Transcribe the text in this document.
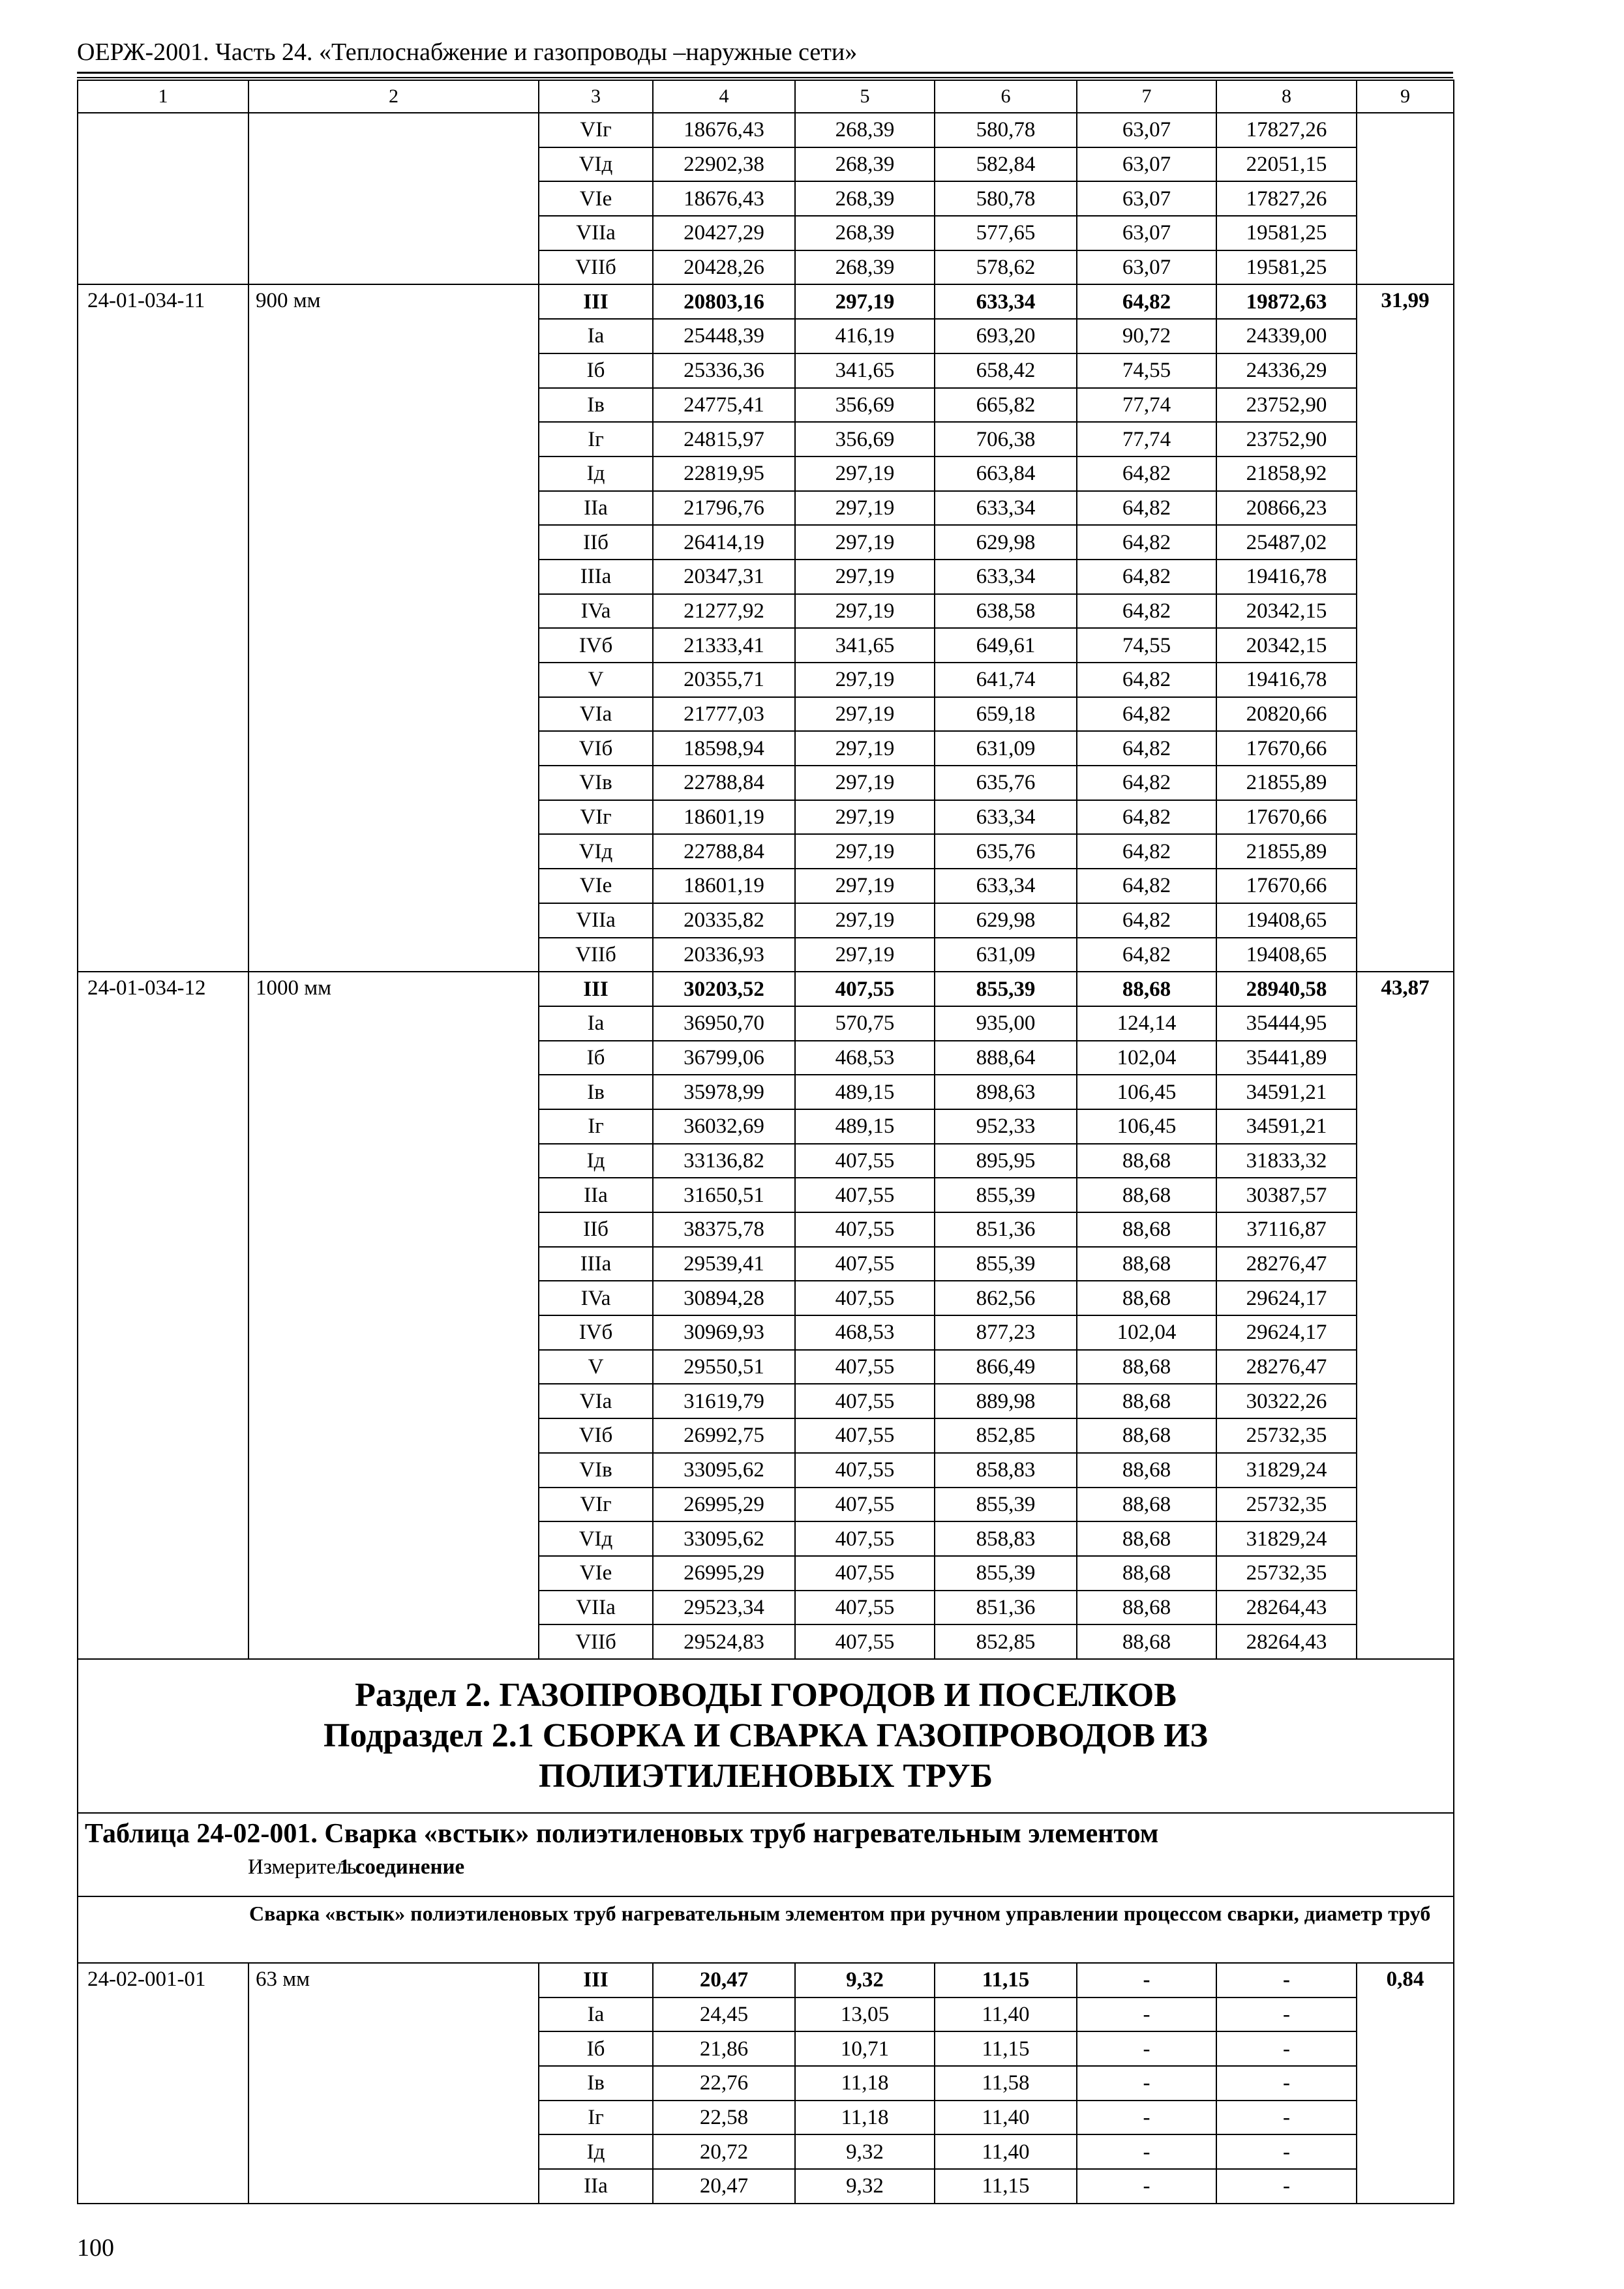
ОЕРЖ-2001. Часть 24. «Теплоснабжение и газопроводы –наружные сети»
1	2	3	4	5	6	7	8	9
		VIг	18676,43	268,39	580,78	63,07	17827,26	
		VIд	22902,38	268,39	582,84	63,07	22051,15	
		VIe	18676,43	268,39	580,78	63,07	17827,26	
		VIIa	20427,29	268,39	577,65	63,07	19581,25	
		VIIб	20428,26	268,39	578,62	63,07	19581,25	
24-01-034-11	900 мм	III	20803,16	297,19	633,34	64,82	19872,63	31,99
		Ia	25448,39	416,19	693,20	90,72	24339,00	
		Iб	25336,36	341,65	658,42	74,55	24336,29	
		Iв	24775,41	356,69	665,82	77,74	23752,90	
		Iг	24815,97	356,69	706,38	77,74	23752,90	
		Iд	22819,95	297,19	663,84	64,82	21858,92	
		IIa	21796,76	297,19	633,34	64,82	20866,23	
		IIб	26414,19	297,19	629,98	64,82	25487,02	
		IIIa	20347,31	297,19	633,34	64,82	19416,78	
		IVa	21277,92	297,19	638,58	64,82	20342,15	
		IVб	21333,41	341,65	649,61	74,55	20342,15	
		V	20355,71	297,19	641,74	64,82	19416,78	
		VIa	21777,03	297,19	659,18	64,82	20820,66	
		VIб	18598,94	297,19	631,09	64,82	17670,66	
		VIв	22788,84	297,19	635,76	64,82	21855,89	
		VIг	18601,19	297,19	633,34	64,82	17670,66	
		VIд	22788,84	297,19	635,76	64,82	21855,89	
		VIe	18601,19	297,19	633,34	64,82	17670,66	
		VIIa	20335,82	297,19	629,98	64,82	19408,65	
		VIIб	20336,93	297,19	631,09	64,82	19408,65	
24-01-034-12	1000 мм	III	30203,52	407,55	855,39	88,68	28940,58	43,87
		Ia	36950,70	570,75	935,00	124,14	35444,95	
		Iб	36799,06	468,53	888,64	102,04	35441,89	
		Iв	35978,99	489,15	898,63	106,45	34591,21	
		Iг	36032,69	489,15	952,33	106,45	34591,21	
		Iд	33136,82	407,55	895,95	88,68	31833,32	
		IIa	31650,51	407,55	855,39	88,68	30387,57	
		IIб	38375,78	407,55	851,36	88,68	37116,87	
		IIIa	29539,41	407,55	855,39	88,68	28276,47	
		IVa	30894,28	407,55	862,56	88,68	29624,17	
		IVб	30969,93	468,53	877,23	102,04	29624,17	
		V	29550,51	407,55	866,49	88,68	28276,47	
		VIa	31619,79	407,55	889,98	88,68	30322,26	
		VIб	26992,75	407,55	852,85	88,68	25732,35	
		VIв	33095,62	407,55	858,83	88,68	31829,24	
		VIг	26995,29	407,55	855,39	88,68	25732,35	
		VIд	33095,62	407,55	858,83	88,68	31829,24	
		VIe	26995,29	407,55	855,39	88,68	25732,35	
		VIIa	29523,34	407,55	851,36	88,68	28264,43	
		VIIб	29524,83	407,55	852,85	88,68	28264,43	

Раздел 2. ГАЗОПРОВОДЫ ГОРОДОВ И ПОСЕЛКОВ
Подраздел 2.1 СБОРКА И СВАРКА ГАЗОПРОВОДОВ ИЗ
ПОЛИЭТИЛЕНОВЫХ ТРУБ								

Таблица 24-02-001. Сварка «встык» полиэтиленовых труб нагревательным элементом
Измеритель:1 соединение								

Сварка «встык» полиэтиленовых труб нагревательным элементом при ручном управлении процессом сварки, диаметр труб								
24-02-001-01	63 мм	III	20,47	9,32	11,15	-	-	0,84
		Ia	24,45	13,05	11,40	-	-	
		Iб	21,86	10,71	11,15	-	-	
		Iв	22,76	11,18	11,58	-	-	
		Iг	22,58	11,18	11,40	-	-	
		Iд	20,72	9,32	11,40	-	-	
		IIa	20,47	9,32	11,15	-	-	
100
